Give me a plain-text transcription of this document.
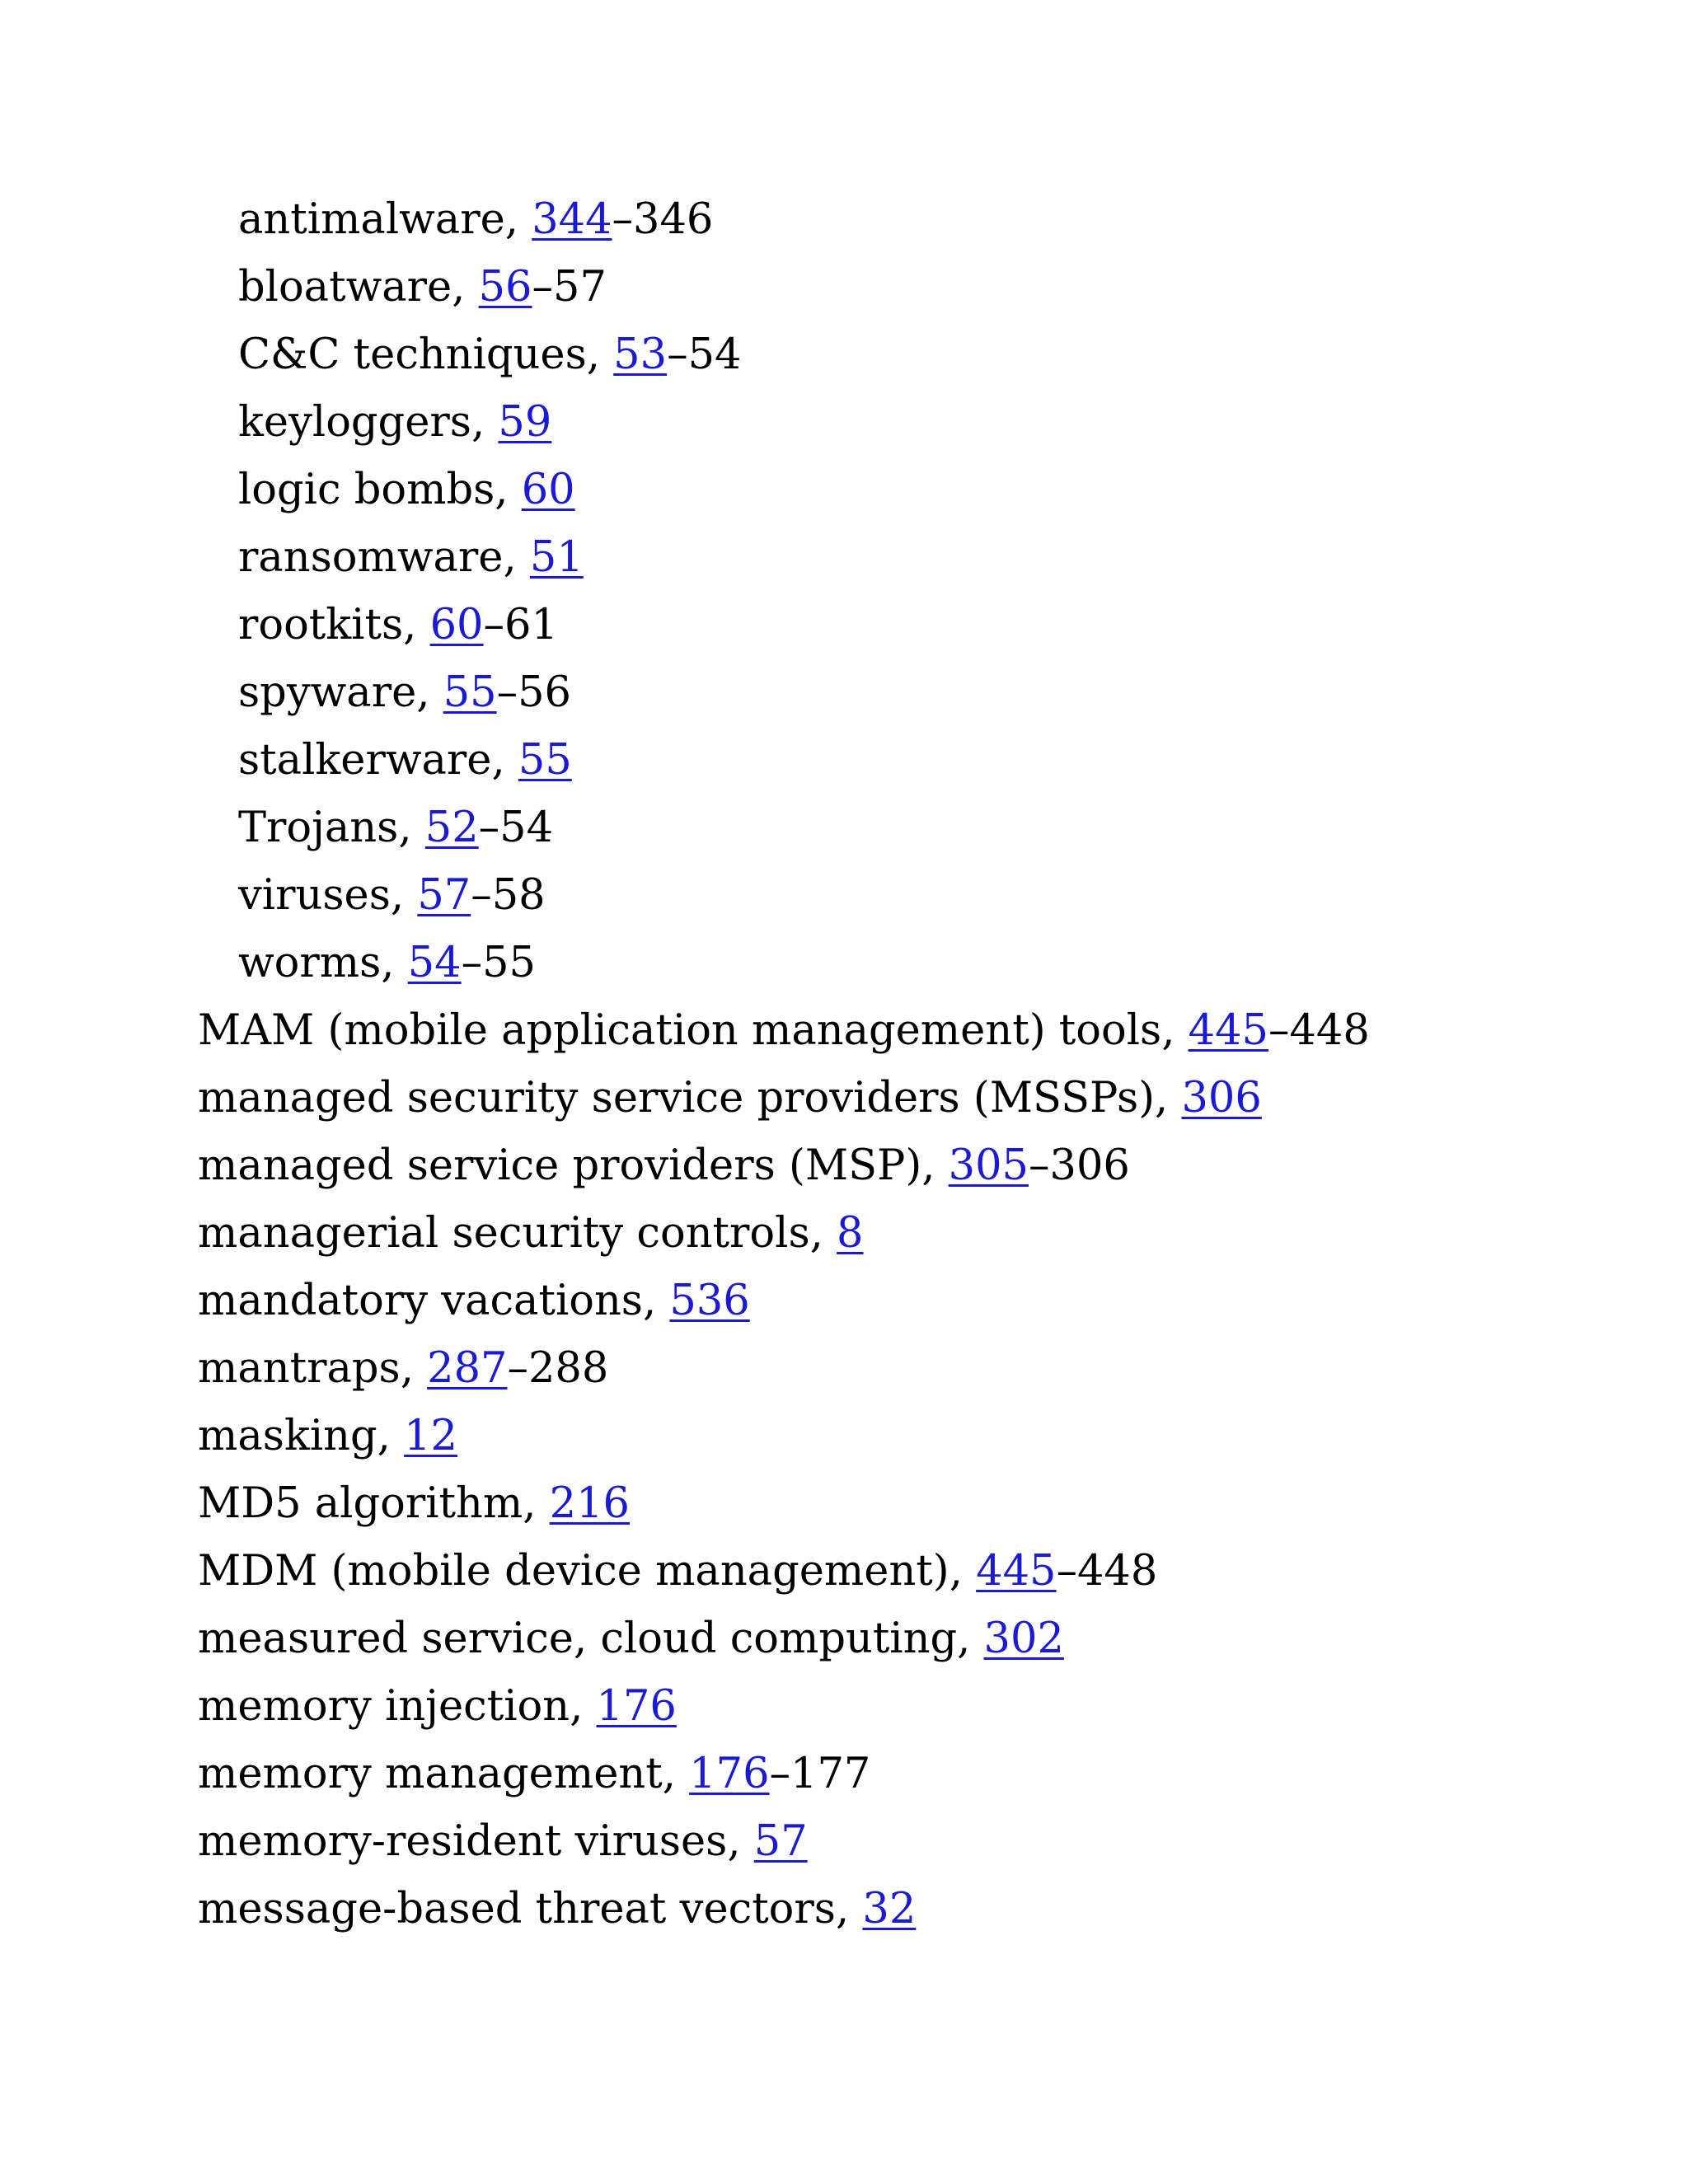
antimalware, 344–346
bloatware, 56–57
C&C techniques, 53–54
keyloggers, 59
logic bombs, 60
ransomware, 51
rootkits, 60–61
spyware, 55–56
stalkerware, 55
Trojans, 52–54
viruses, 57–58
worms, 54–55
MAM (mobile application management) tools, 445–448
managed security service providers (MSSPs), 306
managed service providers (MSP), 305–306
managerial security controls, 8
mandatory vacations, 536
mantraps, 287–288
masking, 12
MD5 algorithm, 216
MDM (mobile device management), 445–448
measured service, cloud computing, 302
memory injection, 176
memory management, 176–177
memory-resident viruses, 57
message-based threat vectors, 32
